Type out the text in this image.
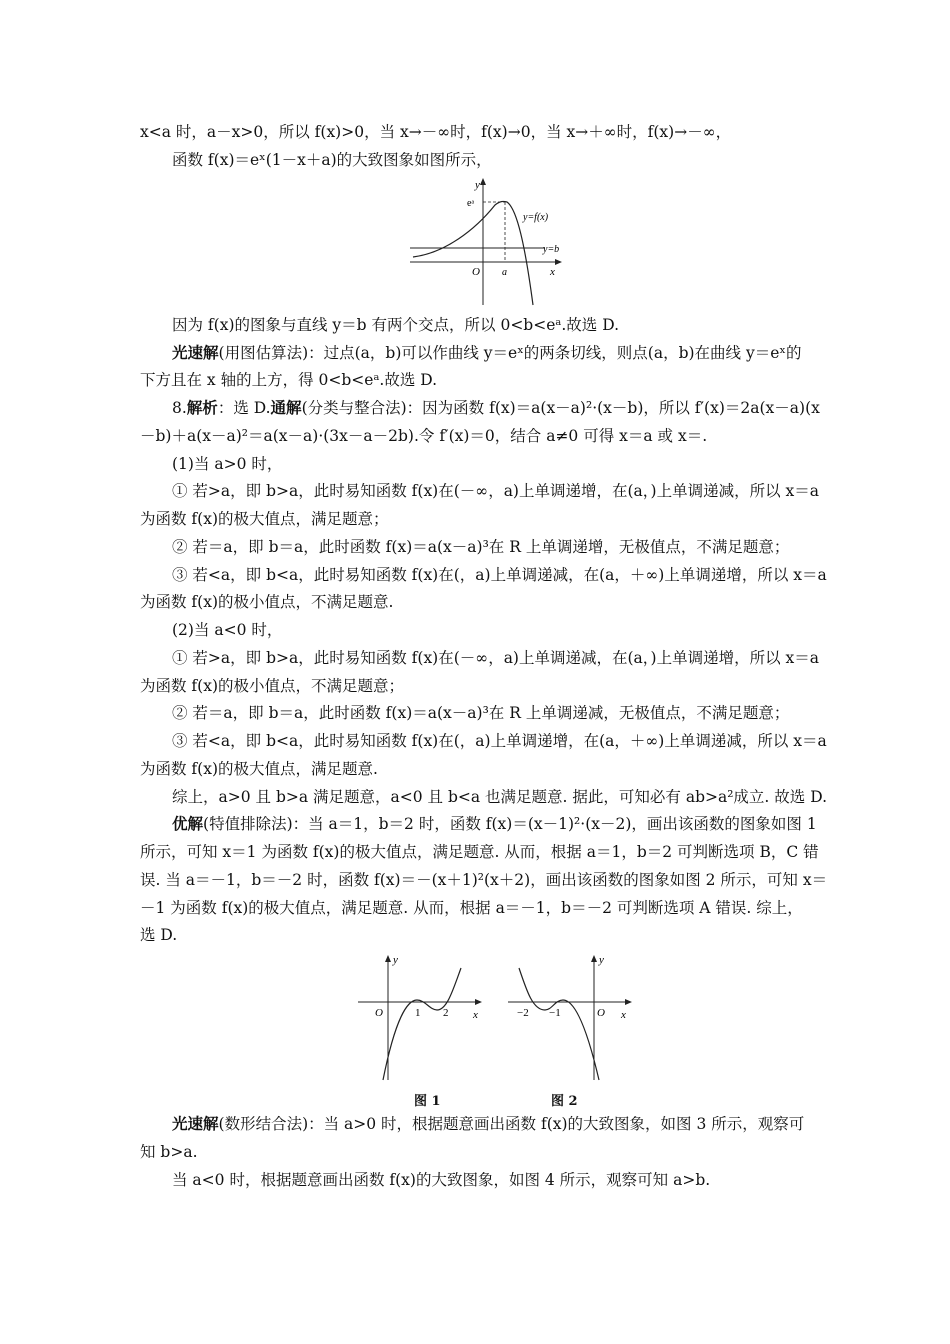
x<a 时，a－x>0，所以 f(x)>0，当 x→－∞时，f(x)→0，当 x→＋∞时，f(x)→－∞，
函数 f(x)＝eˣ(1－x＋a)的大致图象如图所示，
y
x
O
eᵃ
a
y=f(x)
y=b
因为 f(x)的图象与直线 y＝b 有两个交点，所以 0<b<eᵃ.故选 D.
光速解(用图估算法)：过点(a，b)可以作曲线 y＝eˣ的两条切线，则点(a，b)在曲线 y＝eˣ的
下方且在 x 轴的上方，得 0<b<eᵃ.故选 D.
8.解析：选 D.通解(分类与整合法)：因为函数 f(x)＝a(x－a)²·(x－b)，所以 f′(x)＝2a(x－a)(x
－b)＋a(x－a)²＝a(x－a)·(3x－a－2b).令 f′(x)＝0，结合 a≠0 可得 x＝a 或 x＝.
(1)当 a>0 时，
① 若>a，即 b>a，此时易知函数 f(x)在(－∞，a)上单调递增，在(a，)上单调递减，所以 x＝a
为函数 f(x)的极大值点，满足题意；
② 若＝a，即 b＝a，此时函数 f(x)＝a(x－a)³在 R 上单调递增，无极值点，不满足题意；
③ 若<a，即 b<a，此时易知函数 f(x)在(，a)上单调递减，在(a，＋∞)上单调递增，所以 x＝a
为函数 f(x)的极小值点，不满足题意.
(2)当 a<0 时，
① 若>a，即 b>a，此时易知函数 f(x)在(－∞，a)上单调递减，在(a，)上单调递增，所以 x＝a
为函数 f(x)的极小值点，不满足题意；
② 若＝a，即 b＝a，此时函数 f(x)＝a(x－a)³在 R 上单调递减，无极值点，不满足题意；
③ 若<a，即 b<a，此时易知函数 f(x)在(，a)上单调递增，在(a，＋∞)上单调递减，所以 x＝a
为函数 f(x)的极大值点，满足题意.
综上，a>0 且 b>a 满足题意，a<0 且 b<a 也满足题意. 据此，可知必有 ab>a²成立. 故选 D.
优解(特值排除法)：当 a＝1，b＝2 时，函数 f(x)＝(x－1)²·(x－2)，画出该函数的图象如图 1
所示，可知 x＝1 为函数 f(x)的极大值点，满足题意. 从而，根据 a＝1，b＝2 可判断选项 B，C 错
误. 当 a＝－1，b＝－2 时，函数 f(x)＝－(x＋1)²(x＋2)，画出该函数的图象如图 2 所示，可知 x＝
－1 为函数 f(x)的极大值点，满足题意. 从而，根据 a＝－1，b＝－2 可判断选项 A 错误. 综上，
选 D.
y
x
O	1 2
图 1
y
x
O
−2 −1
图 2
光速解(数形结合法)：当 a>0 时，根据题意画出函数 f(x)的大致图象，如图 3 所示，观察可
知 b>a.
当 a<0 时，根据题意画出函数 f(x)的大致图象，如图 4 所示，观察可知 a>b.
